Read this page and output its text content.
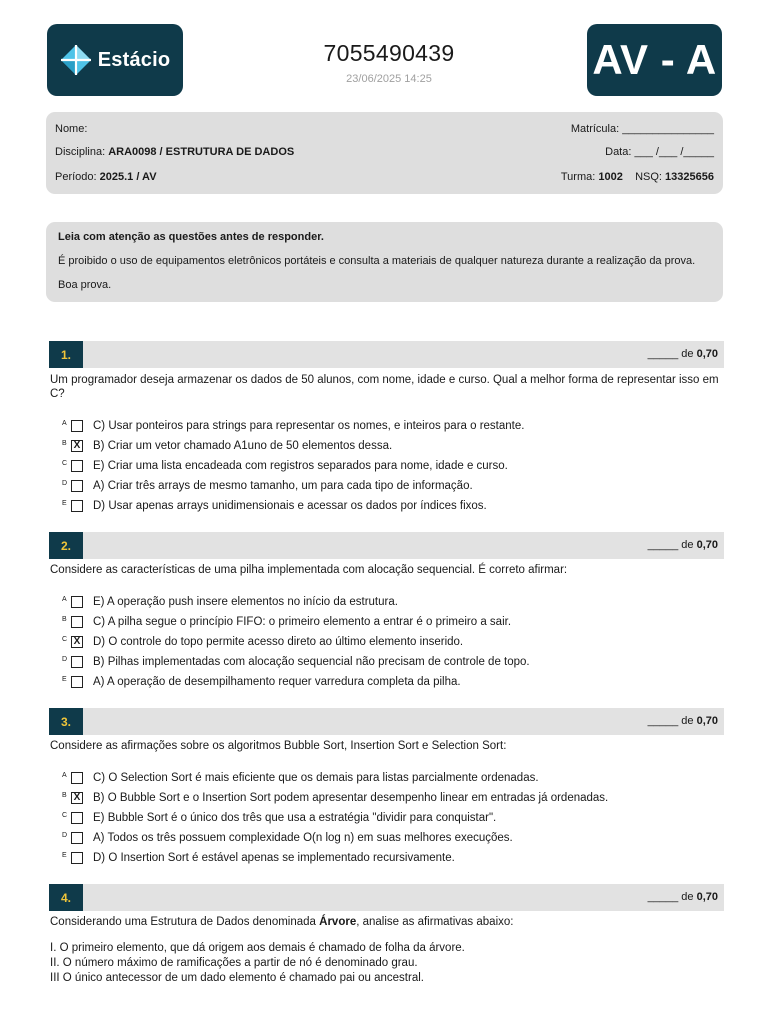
Estácio	7055490439
23/06/2025 14:25	AV - A
Nome:	Matrícula: _______________
Disciplina: ARA0098 / ESTRUTURA DE DADOS	Data: ___ /___ /_____
Período: 2025.1 / AV	Turma: 1002 NSQ: 13325656

Leia com atenção as questões antes de responder.

É proibido o uso de equipamentos eletrônicos portáteis e consulta a materiais de qualquer natureza durante a realização da prova.

Boa prova.

1.	_____ de 0,70
Um programador deseja armazenar os dados de 50 alunos, com nome, idade e curso. Qual a melhor forma de representar isso em C?
A C) Usar ponteiros para strings para representar os nomes, e inteiros para o restante.
B X B) Criar um vetor chamado A1uno de 50 elementos dessa.
C E) Criar uma lista encadeada com registros separados para nome, idade e curso.
D A) Criar três arrays de mesmo tamanho, um para cada tipo de informação.
E D) Usar apenas arrays unidimensionais e acessar os dados por índices fixos.
2.	_____ de 0,70
Considere as características de uma pilha implementada com alocação sequencial. É correto afirmar:
A E) A operação push insere elementos no início da estrutura.
B C) A pilha segue o princípio FIFO: o primeiro elemento a entrar é o primeiro a sair.
C X D) O controle do topo permite acesso direto ao último elemento inserido.
D B) Pilhas implementadas com alocação sequencial não precisam de controle de topo.
E A) A operação de desempilhamento requer varredura completa da pilha.
3.	_____ de 0,70
Considere as afirmações sobre os algoritmos Bubble Sort, Insertion Sort e Selection Sort:
A C) O Selection Sort é mais eficiente que os demais para listas parcialmente ordenadas.
B X B) O Bubble Sort e o Insertion Sort podem apresentar desempenho linear em entradas já ordenadas.
C E) Bubble Sort é o único dos três que usa a estratégia "dividir para conquistar".
D A) Todos os três possuem complexidade O(n log n) em suas melhores execuções.
E D) O Insertion Sort é estável apenas se implementado recursivamente.
4.	_____ de 0,70
Considerando uma Estrutura de Dados denominada Árvore, analise as afirmativas abaixo:
I. O primeiro elemento, que dá origem aos demais é chamado de folha da árvore.
II. O número máximo de ramificações a partir de nó é denominado grau.
III O único antecessor de um dado elemento é chamado pai ou ancestral.
